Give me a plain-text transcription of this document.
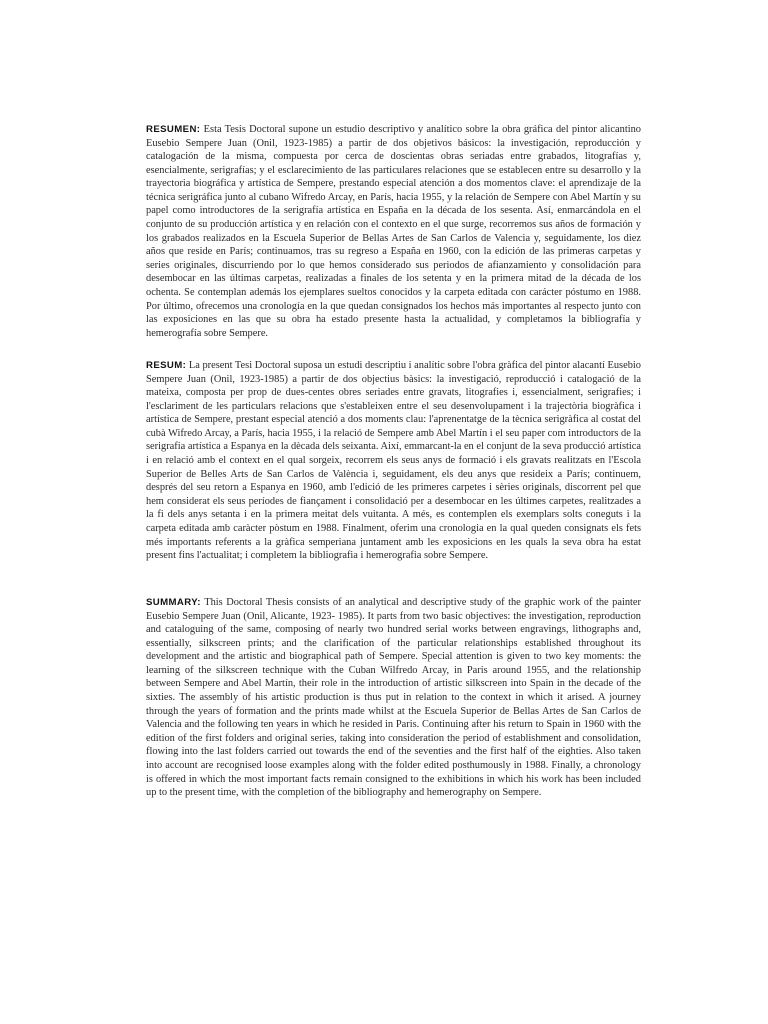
RESUMEN: Esta Tesis Doctoral supone un estudio descriptivo y analítico sobre la obra gráfica del pintor alicantino Eusebio Sempere Juan (Onil, 1923-1985) a partir de dos objetivos básicos: la investigación, reproducción y catalogación de la misma, compuesta por cerca de doscientas obras seriadas entre grabados, litografías y, esencialmente, serigrafías; y el esclarecimiento de las particulares relaciones que se establecen entre su desarrollo y la trayectoria biográfica y artística de Sempere, prestando especial atención a dos momentos clave: el aprendizaje de la técnica serigráfica junto al cubano Wifredo Arcay, en París, hacia 1955, y la relación de Sempere con Abel Martín y su papel como introductores de la serigrafía artística en España en la década de los sesenta. Así, enmarcándola en el conjunto de su producción artística y en relación con el contexto en el que surge, recorremos sus años de formación y los grabados realizados en la Escuela Superior de Bellas Artes de San Carlos de Valencia y, seguidamente, los diez años que reside en París; continuamos, tras su regreso a España en 1960, con la edición de las primeras carpetas y series originales, discurriendo por lo que hemos considerado sus periodos de afianzamiento y consolidación para desembocar en las últimas carpetas, realizadas a finales de los setenta y en la primera mitad de la década de los ochenta. Se contemplan además los ejemplares sueltos conocidos y la carpeta editada con carácter póstumo en 1988. Por último, ofrecemos una cronología en la que quedan consignados los hechos más importantes al respecto junto con las exposiciones en las que su obra ha estado presente hasta la actualidad, y completamos la bibliografía y hemerografía sobre Sempere.

RESUM: La present Tesi Doctoral suposa un estudi descriptiu i analític sobre l'obra gràfica del pintor alacantí Eusebio Sempere Juan (Onil, 1923-1985) a partir de dos objectius bàsics: la investigació, reproducció i catalogació de la mateixa, composta per prop de dues-centes obres seriades entre gravats, litografies i, essencialment, serigrafies; i l'esclariment de les particulars relacions que s'estableixen entre el seu desenvolupament i la trajectòria biogràfica i artística de Sempere, prestant especial atenció a dos moments clau: l'aprenentatge de la tècnica serigràfica al costat del cubà Wifredo Arcay, a París, hacia 1955, i la relació de Sempere amb Abel Martín i el seu paper com introductors de la serigrafia artística a Espanya en la dècada dels seixanta. Així, emmarcant-la en el conjunt de la seva producció artística i en relació amb el context en el qual sorgeix, recorrem els seus anys de formació i els gravats realitzats en l'Escola Superior de Belles Arts de San Carlos de València i, seguidament, els deu anys que resideix a París; continuem, després del seu retorn a Espanya en 1960, amb l'edició de les primeres carpetes i sèries originals, discorrent pel que hem considerat els seus períodes de fiançament i consolidació per a desembocar en les últimes carpetes, realitzades a la fi dels anys setanta i en la primera meitat dels vuitanta. A més, es contemplen els exemplars solts coneguts i la carpeta editada amb caràcter pòstum en 1988. Finalment, oferim una cronologia en la qual queden consignats els fets més importants referents a la gràfica semperiana juntament amb les exposicions en les quals la seva obra ha estat present fins l'actualitat; i completem la bibliografia i hemerografia sobre Sempere.

SUMMARY: This Doctoral Thesis consists of an analytical and descriptive study of the graphic work of the painter Eusebio Sempere Juan (Onil, Alicante, 1923- 1985). It parts from two basic objectives: the investigation, reproduction and cataloguing of the same, composing of nearly two hundred serial works between engravings, lithographs and, essentially, silkscreen prints; and the clarification of the particular relationships established throughout its development and the artistic and biographical path of Sempere. Special attention is given to two key moments: the learning of the silkscreen technique with the Cuban Wilfredo Arcay, in Paris around 1955, and the relationship between Sempere and Abel Martín, their role in the introduction of artistic silkscreen into Spain in the decade of the sixties. The assembly of his artistic production is thus put in relation to the context in which it arised. A journey through the years of formation and the prints made whilst at the Escuela Superior de Bellas Artes de San Carlos de Valencia and the following ten years in which he resided in Paris. Continuing after his return to Spain in 1960 with the edition of the first folders and original series, taking into consideration the period of establishment and consolidation, flowing into the last folders carried out towards the end of the seventies and the first half of the eighties. Also taken into account are recognised loose examples along with the folder edited posthumously in 1988. Finally, a chronology is offered in which the most important facts remain consigned to the exhibitions in which his work has been included up to the present time, with the completion of the bibliography and hemerography on Sempere.
